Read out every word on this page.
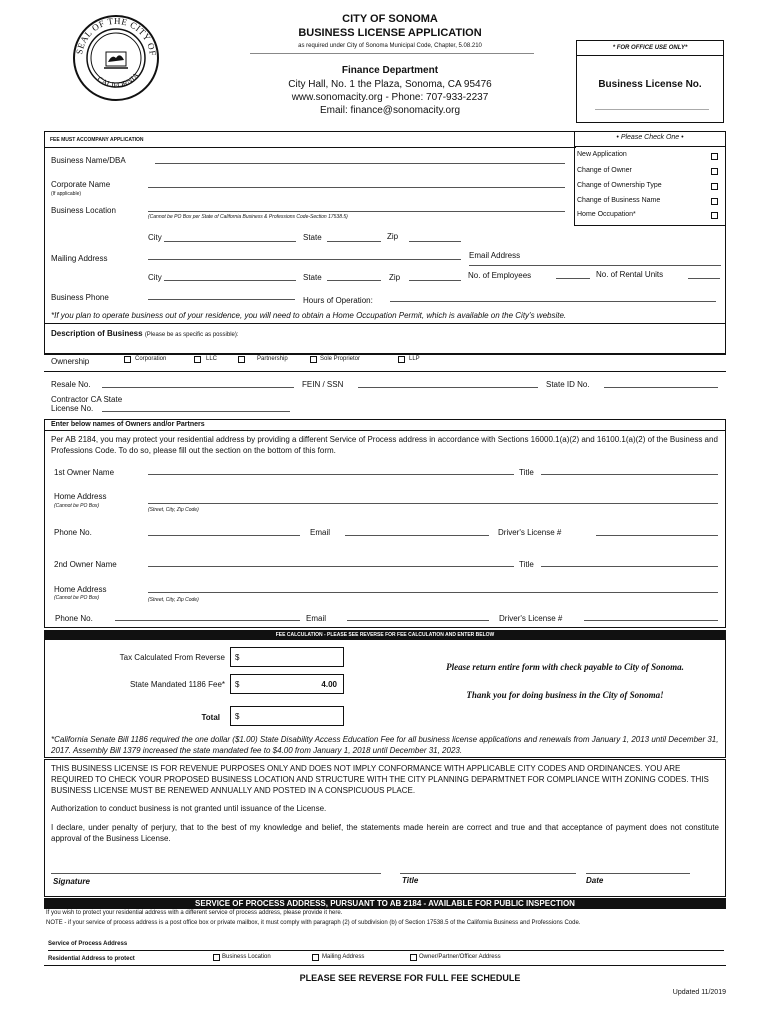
SEAL OF THE CITY OF
CALIFORNIA
CITY OF SONOMA
BUSINESS LICENSE APPLICATION
as required under City of Sonoma Municipal Code, Chapter, 5.08.210
Finance Department
City Hall, No. 1 the Plaza, Sonoma, CA 95476
www.sonomacity.org - Phone: 707-933-2237
Email: finance@sonomacity.org
* FOR OFFICE USE ONLY*
Business License No.
FEE MUST ACCOMPANY APPLICATION	• Please Check One •
New Application
Change of Owner
Change of Ownership Type
Change of Business Name
Home Occupation*
Business Name/DBA
Corporate Name
(If applicable)
Business Location
(Cannot be PO Box per State of California Business & Professions Code-Section 17538.5)
City	State	Zip
Mailing Address	Email Address
City	State	Zip	No. of Employees	No. of Rental Units
Business Phone	Hours of Operation:
*If you plan to operate business out of your residence, you will need to obtain a Home Occupation Permit, which is available on the City's website.
Description of Business (Please be as specific as possible):
Ownership	Corporation	LLC	Partnership	Sole Proprietor	LLP
Resale No.	FEIN / SSN	State ID No.
Contractor CA State
License No.
Enter below names of Owners and/or Partners
Per AB 2184, you may protect your residential address by providing a different Service of Process address in accordance with Sections 16000.1(a)(2) and 16100.1(a)(2) of the Business and Professions Code. To do so, please fill out the section on the bottom of this form.
1st Owner Name	Title
Home Address
(Cannot be PO Box)
(Street, City, Zip Code)
Phone No.	Email	Driver's License #
2nd Owner Name	Title
Home Address
(Cannot be PO Box)	(Street, City, Zip Code)
Phone No.	Email	Driver's License #
FEE CALCULATION - PLEASE SEE REVERSE FOR FEE CALCULATION AND ENTER BELOW
Tax Calculated From Reverse $
State Mandated 1186 Fee* $	4.00
Total $
Please return entire form with check payable to City of Sonoma.
Thank you for doing business in the City of Sonoma!
*California Senate Bill 1186 required the one dollar ($1.00) State Disability Access Education Fee for all business license applications and renewals from January 1, 2013 until December 31, 2017. Assembly Bill 1379 increased the state mandated fee to $4.00 from January 1, 2018 until December 31, 2023.
THIS BUSINESS LICENSE IS FOR REVENUE PURPOSES ONLY AND DOES NOT IMPLY CONFORMANCE WITH APPLICABLE CITY CODES AND ORDINANCES. YOU ARE REQUIRED TO CHECK YOUR PROPOSED BUSINESS LOCATION AND STRUCTURE WITH THE CITY PLANNING DEPARMTNET FOR COMPLIANCE WITH ZONING CODES. THIS BUSINESS LICENSE MUST BE RENEWED ANNUALLY AND POSTED IN A CONSPICUOUS PLACE.
Authorization to conduct business is not granted until issuance of the License.
I declare, under penalty of perjury, that to the best of my knowledge and belief, the statements made herein are correct and true and that acceptance of payment does not constitute approval of the Business License.
Signature	Title	Date
SERVICE OF PROCESS ADDRESS, PURSUANT TO AB 2184 - AVAILABLE FOR PUBLIC INSPECTION
If you wish to protect your residential address with a different service of process address, please provide it here.
NOTE - if your service of process address is a post office box or private mailbox, it must comply with paragraph (2) of subdivision (b) of Section 17538.5 of the California Business and Professions Code.
Service of Process Address
Residential Address to protect	Business Location	Mailing Address	Owner/Partner/Officer Address
PLEASE SEE REVERSE FOR FULL FEE SCHEDULE
Updated 11/2019
